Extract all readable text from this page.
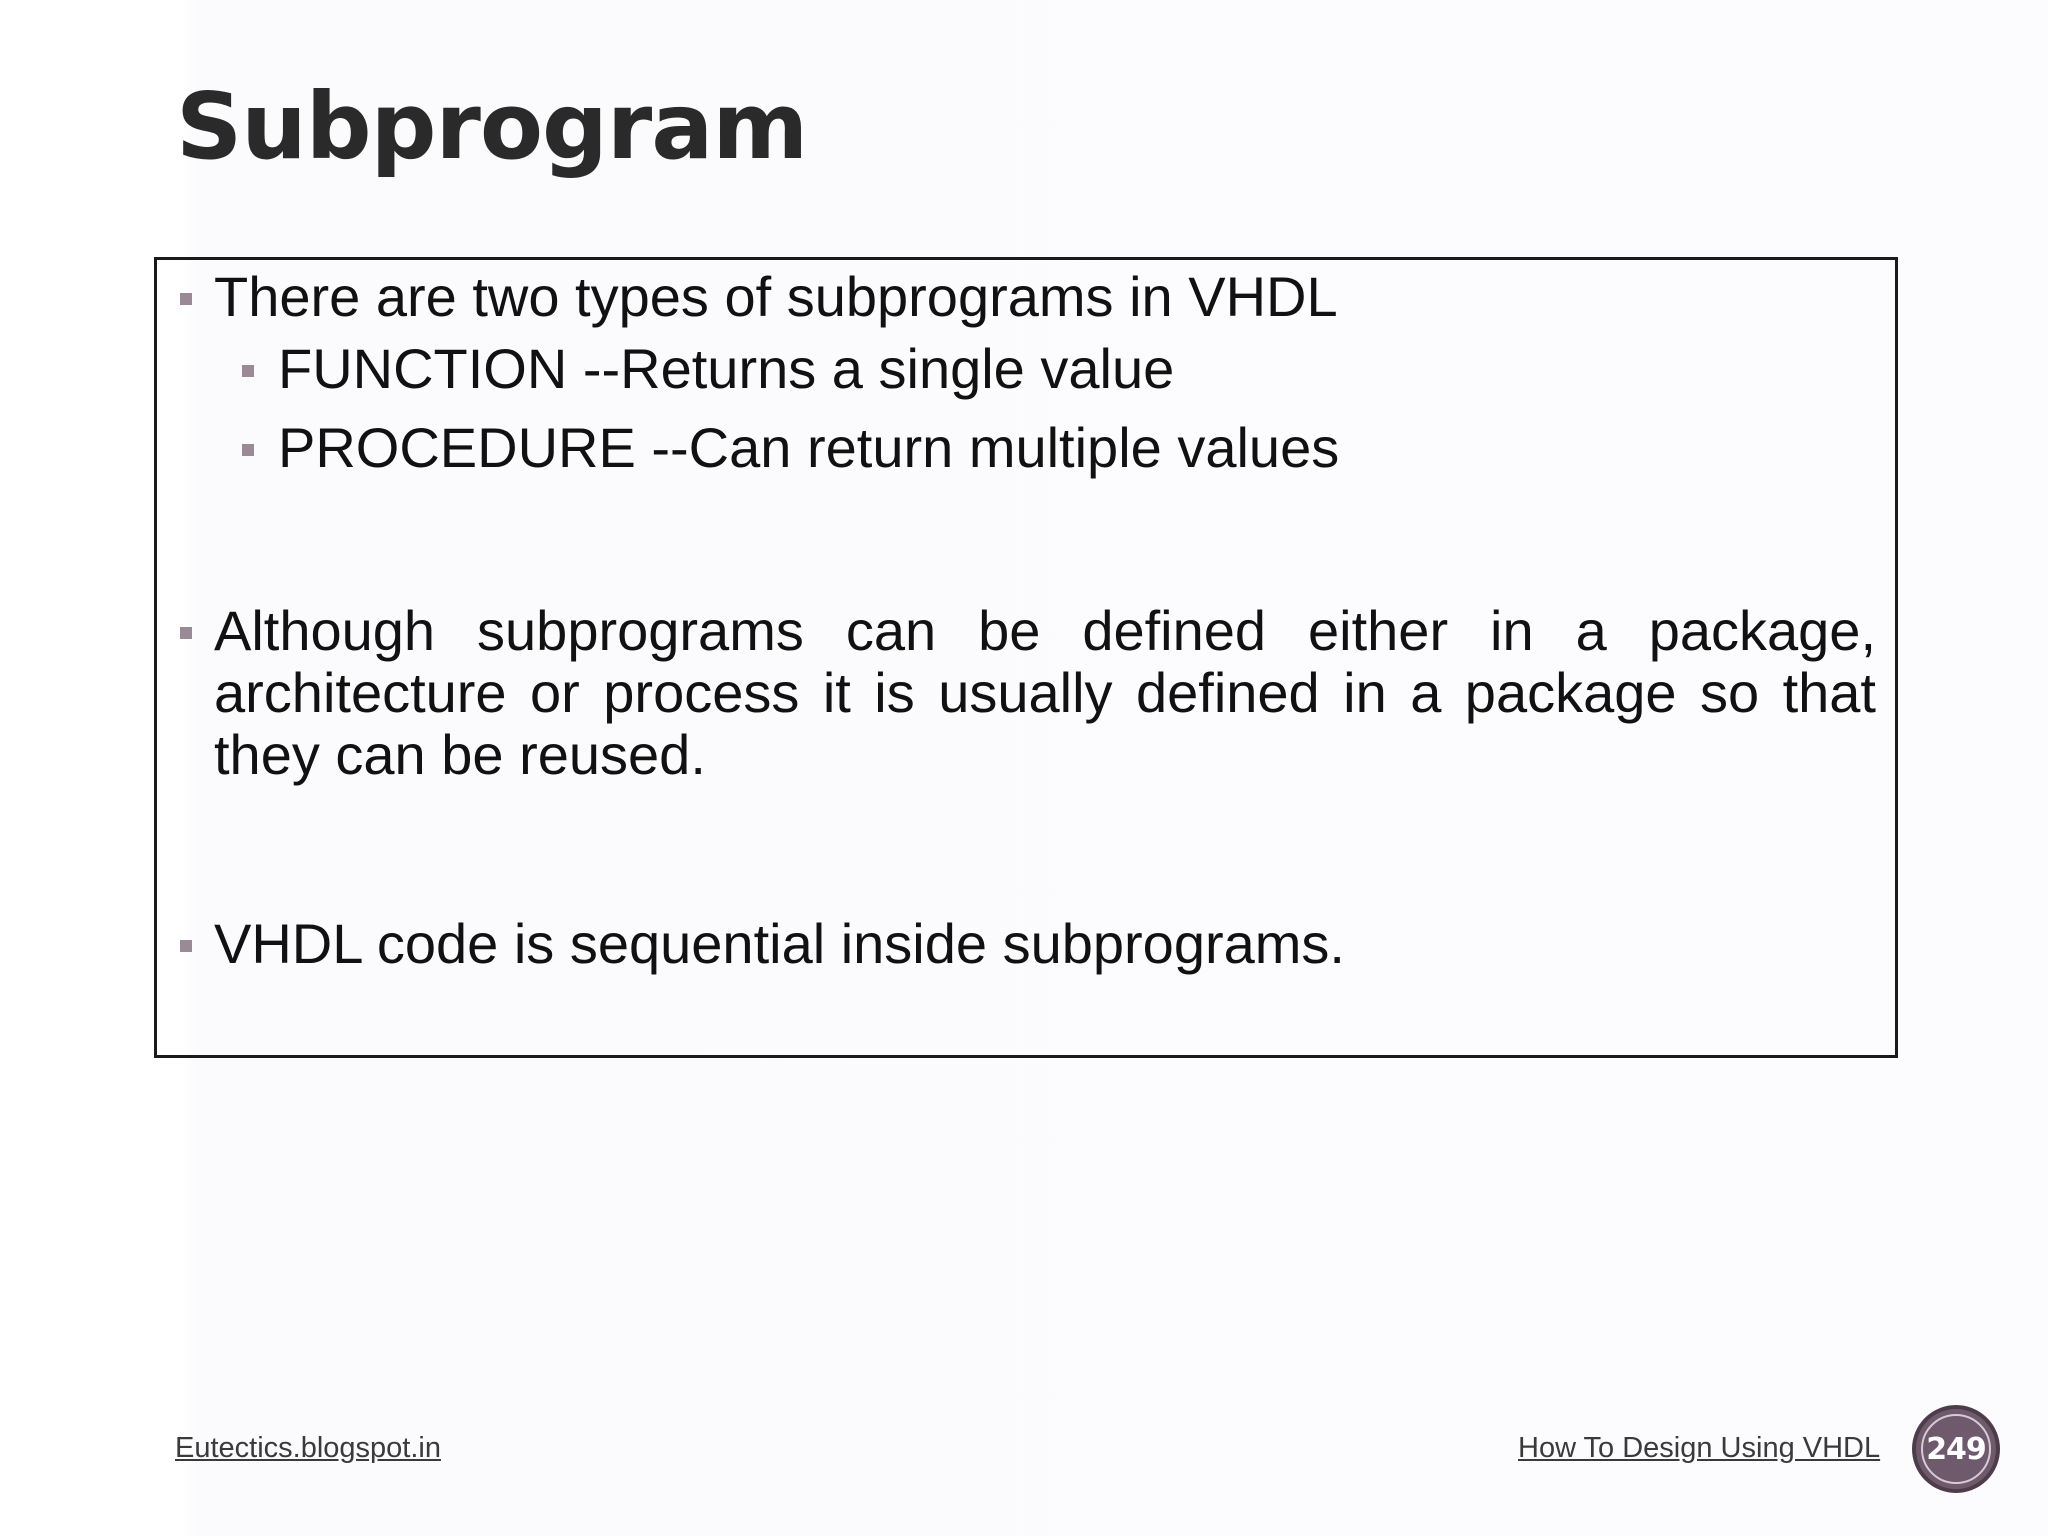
Subprogram
There are two types of subprograms in VHDL
FUNCTION --Returns a single value
PROCEDURE --Can return multiple values
Although subprograms can be defined either in a package, architecture or process it is usually defined in a package so that they can be reused.
VHDL code is sequential inside subprograms.
Eutectics.blogspot.in	How To Design Using VHDL 249
